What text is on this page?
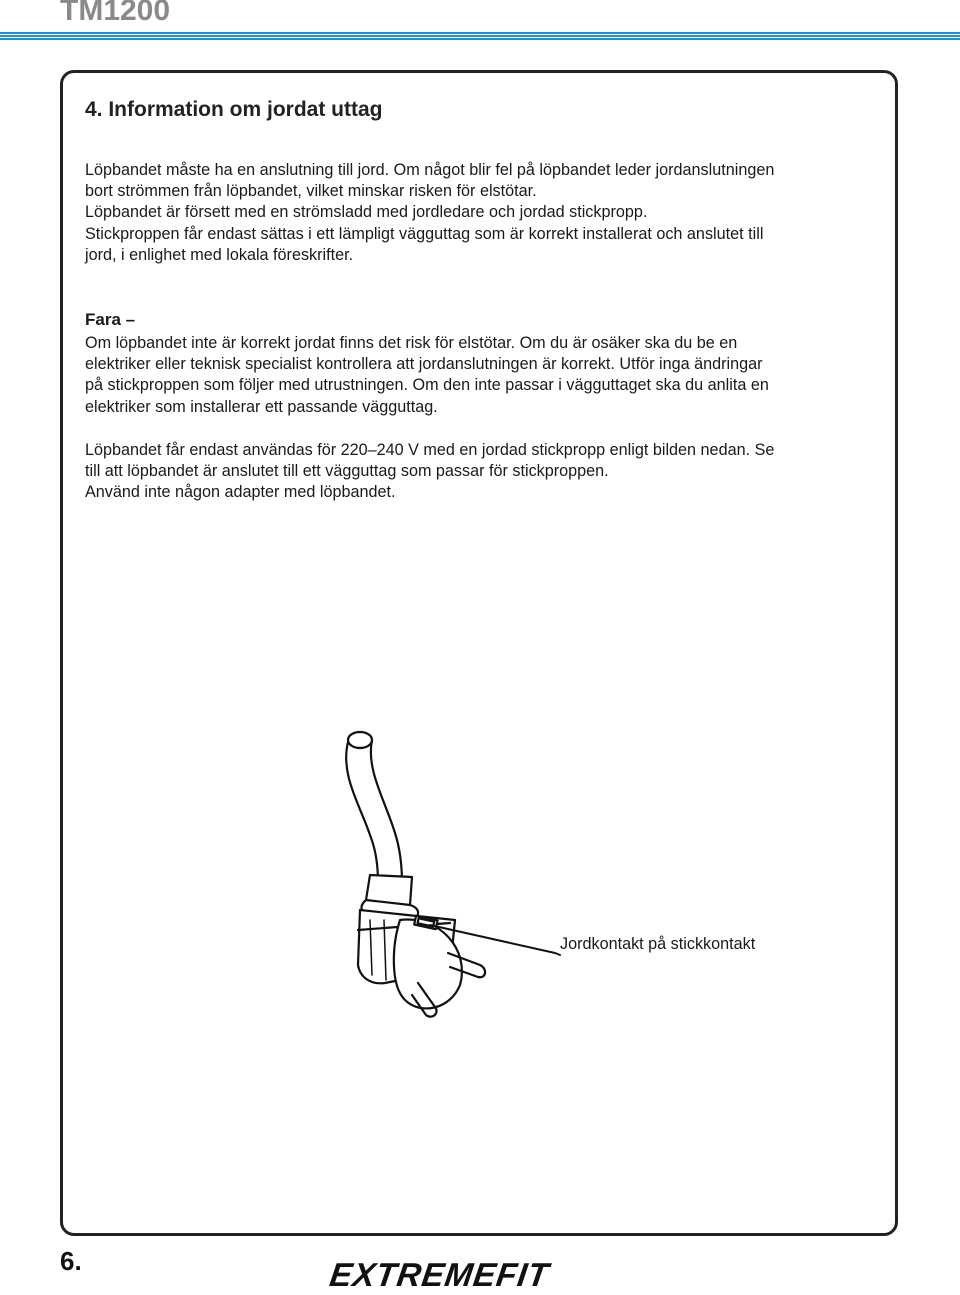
TM1200
4. Information om jordat uttag

Löpbandet måste ha en anslutning till jord. Om något blir fel på löpbandet leder jordanslutningen

bort strömmen från löpbandet, vilket minskar risken för elstötar.

Löpbandet är försett med en strömsladd med jordledare och jordad stickpropp.

Stickproppen får endast sättas i ett lämpligt vägguttag som är korrekt installerat och anslutet till

jord, i enlighet med lokala föreskrifter.

Fara –

Om löpbandet inte är korrekt jordat finns det risk för elstötar. Om du är osäker ska du be en

elektriker eller teknisk specialist kontrollera att jordanslutningen är korrekt. Utför inga ändringar

på stickproppen som följer med utrustningen. Om den inte passar i vägguttaget ska du anlita en

elektriker som installerar ett passande vägguttag.

Löpbandet får endast användas för 220–240 V med en jordad stickpropp enligt bilden nedan. Se

till att löpbandet är anslutet till ett vägguttag som passar för stickproppen.

Använd inte någon adapter med löpbandet.

Jordkontakt på stickkontakt

6.	EXTREMEFIT
